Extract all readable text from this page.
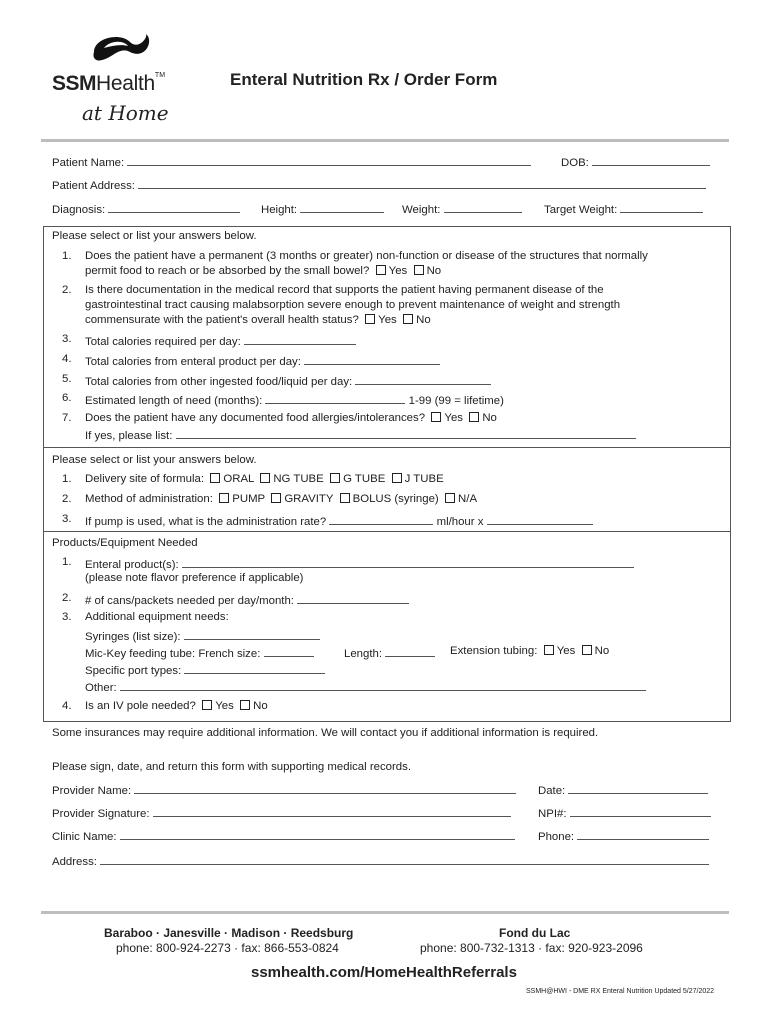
SSMHealth™
at Home
Enteral Nutrition Rx / Order Form
Patient Name:	DOB:
Patient Address:
Diagnosis:	Height:	Weight:	Target Weight:
Please select or list your answers below.
1. Does the patient have a permanent (3 months or greater) non-function or disease of the structures that normally
permit food to reach or be absorbed by the small bowel? Yes No
2. Is there documentation in the medical record that supports the patient having permanent disease of the
gastrointestinal tract causing malabsorption severe enough to prevent maintenance of weight and strength
commensurate with the patient's overall health status? Yes No
3. Total calories required per day:
4. Total calories from enteral product per day:
5. Total calories from other ingested food/liquid per day:
6. Estimated length of need (months):	1-99 (99 = lifetime)
7. Does the patient have any documented food allergies/intolerances? Yes No
If yes, please list:
Please select or list your answers below.
1. Delivery site of formula: ORAL NG TUBE G TUBE J TUBE
2. Method of administration: PUMP GRAVITY BOLUS (syringe) N/A
3. If pump is used, what is the administration rate?	ml/hour x
Products/Equipment Needed
1. Enteral product(s):
(please note flavor preference if applicable)
2. # of cans/packets needed per day/month:
3. Additional equipment needs:
Syringes (list size):
Mic-Key feeding tube: French size:	Length:	Extension tubing: Yes No
Specific port types:
Other:
4. Is an IV pole needed? Yes No
Some insurances may require additional information. We will contact you if additional information is required.
Please sign, date, and return this form with supporting medical records.
Provider Name:	Date:
Provider Signature:	NPI#:
Clinic Name:	Phone:
Address:
Baraboo · Janesville · Madison · Reedsburg
phone: 800-924-2273 · fax: 866-553-0824
Fond du Lac
phone: 800-732-1313 · fax: 920-923-2096
ssmhealth.com/HomeHealthReferrals
SSMH@HWI - DME RX Enteral Nutrition Updated 5/27/2022
